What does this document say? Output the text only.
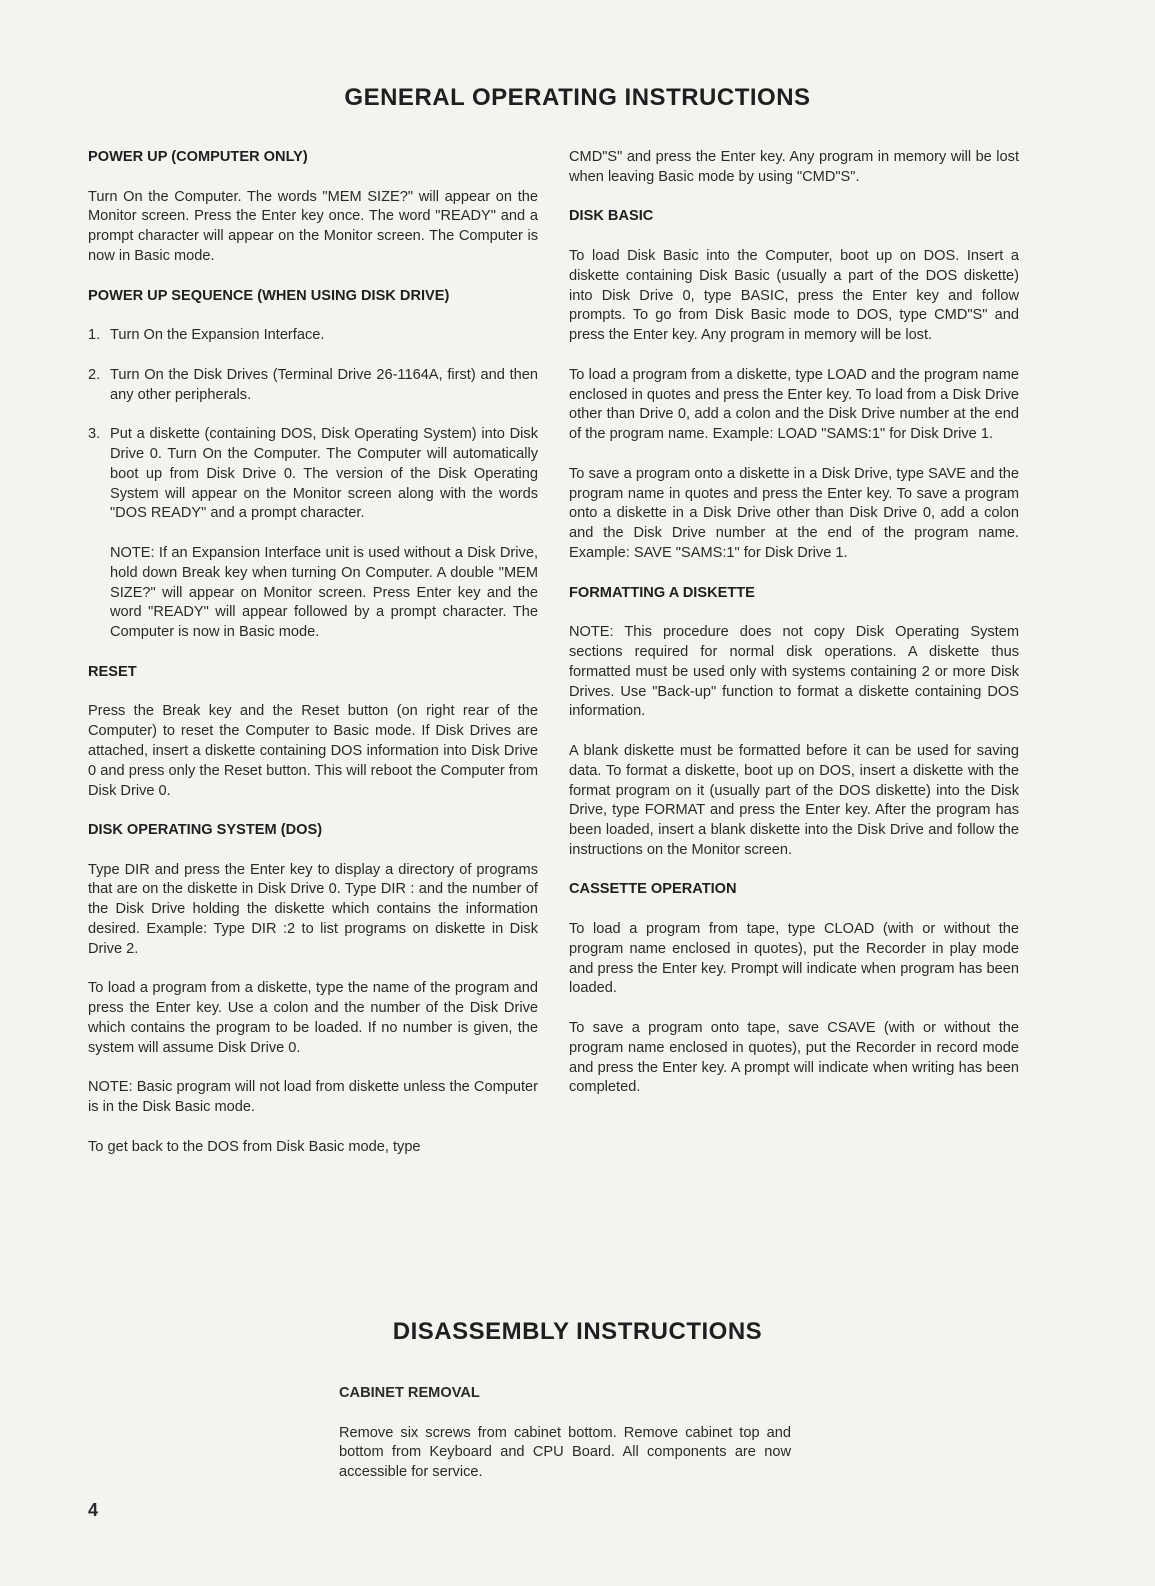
GENERAL OPERATING INSTRUCTIONS
POWER UP (COMPUTER ONLY)

Turn On the Computer. The words "MEM SIZE?" will appear on the Monitor screen. Press the Enter key once. The word "READY" and a prompt character will appear on the Monitor screen. The Computer is now in Basic mode.

POWER UP SEQUENCE (WHEN USING DISK DRIVE)
1. Turn On the Expansion Interface.
2. Turn On the Disk Drives (Terminal Drive 26-1164A, first) and then any other peripherals.
3. Put a diskette (containing DOS, Disk Operating System) into Disk Drive 0. Turn On the Computer. The Computer will automatically boot up from Disk Drive 0. The version of the Disk Operating System will appear on the Monitor screen along with the words "DOS READY" and a prompt character.

NOTE: If an Expansion Interface unit is used without a Disk Drive, hold down Break key when turning On Computer. A double "MEM SIZE?" will appear on Monitor screen. Press Enter key and the word "READY" will appear followed by a prompt character. The Computer is now in Basic mode.

RESET

Press the Break key and the Reset button (on right rear of the Computer) to reset the Computer to Basic mode. If Disk Drives are attached, insert a diskette containing DOS information into Disk Drive 0 and press only the Reset button. This will reboot the Computer from Disk Drive 0.

DISK OPERATING SYSTEM (DOS)

Type DIR and press the Enter key to display a directory of programs that are on the diskette in Disk Drive 0. Type DIR : and the number of the Disk Drive holding the diskette which contains the information desired. Example: Type DIR :2 to list programs on diskette in Disk Drive 2.

To load a program from a diskette, type the name of the program and press the Enter key. Use a colon and the number of the Disk Drive which contains the program to be loaded. If no number is given, the system will assume Disk Drive 0.

NOTE: Basic program will not load from diskette unless the Computer is in the Disk Basic mode.

To get back to the DOS from Disk Basic mode, type

CMD"S" and press the Enter key. Any program in memory will be lost when leaving Basic mode by using "CMD"S".

DISK BASIC

To load Disk Basic into the Computer, boot up on DOS. Insert a diskette containing Disk Basic (usually a part of the DOS diskette) into Disk Drive 0, type BASIC, press the Enter key and follow prompts. To go from Disk Basic mode to DOS, type CMD"S" and press the Enter key. Any program in memory will be lost.

To load a program from a diskette, type LOAD and the program name enclosed in quotes and press the Enter key. To load from a Disk Drive other than Drive 0, add a colon and the Disk Drive number at the end of the program name. Example: LOAD "SAMS:1" for Disk Drive 1.

To save a program onto a diskette in a Disk Drive, type SAVE and the program name in quotes and press the Enter key. To save a program onto a diskette in a Disk Drive other than Disk Drive 0, add a colon and the Disk Drive number at the end of the program name. Example: SAVE "SAMS:1" for Disk Drive 1.

FORMATTING A DISKETTE

NOTE: This procedure does not copy Disk Operating System sections required for normal disk operations. A diskette thus formatted must be used only with systems containing 2 or more Disk Drives. Use "Back-up" function to format a diskette containing DOS information.

A blank diskette must be formatted before it can be used for saving data. To format a diskette, boot up on DOS, insert a diskette with the format program on it (usually part of the DOS diskette) into the Disk Drive, type FORMAT and press the Enter key. After the program has been loaded, insert a blank diskette into the Disk Drive and follow the instructions on the Monitor screen.

CASSETTE OPERATION

To load a program from tape, type CLOAD (with or without the program name enclosed in quotes), put the Recorder in play mode and press the Enter key. Prompt will indicate when program has been loaded.

To save a program onto tape, save CSAVE (with or without the program name enclosed in quotes), put the Recorder in record mode and press the Enter key. A prompt will indicate when writing has been completed.

DISASSEMBLY INSTRUCTIONS
CABINET REMOVAL

Remove six screws from cabinet bottom. Remove cabinet top and bottom from Keyboard and CPU Board. All components are now accessible for service.

4
